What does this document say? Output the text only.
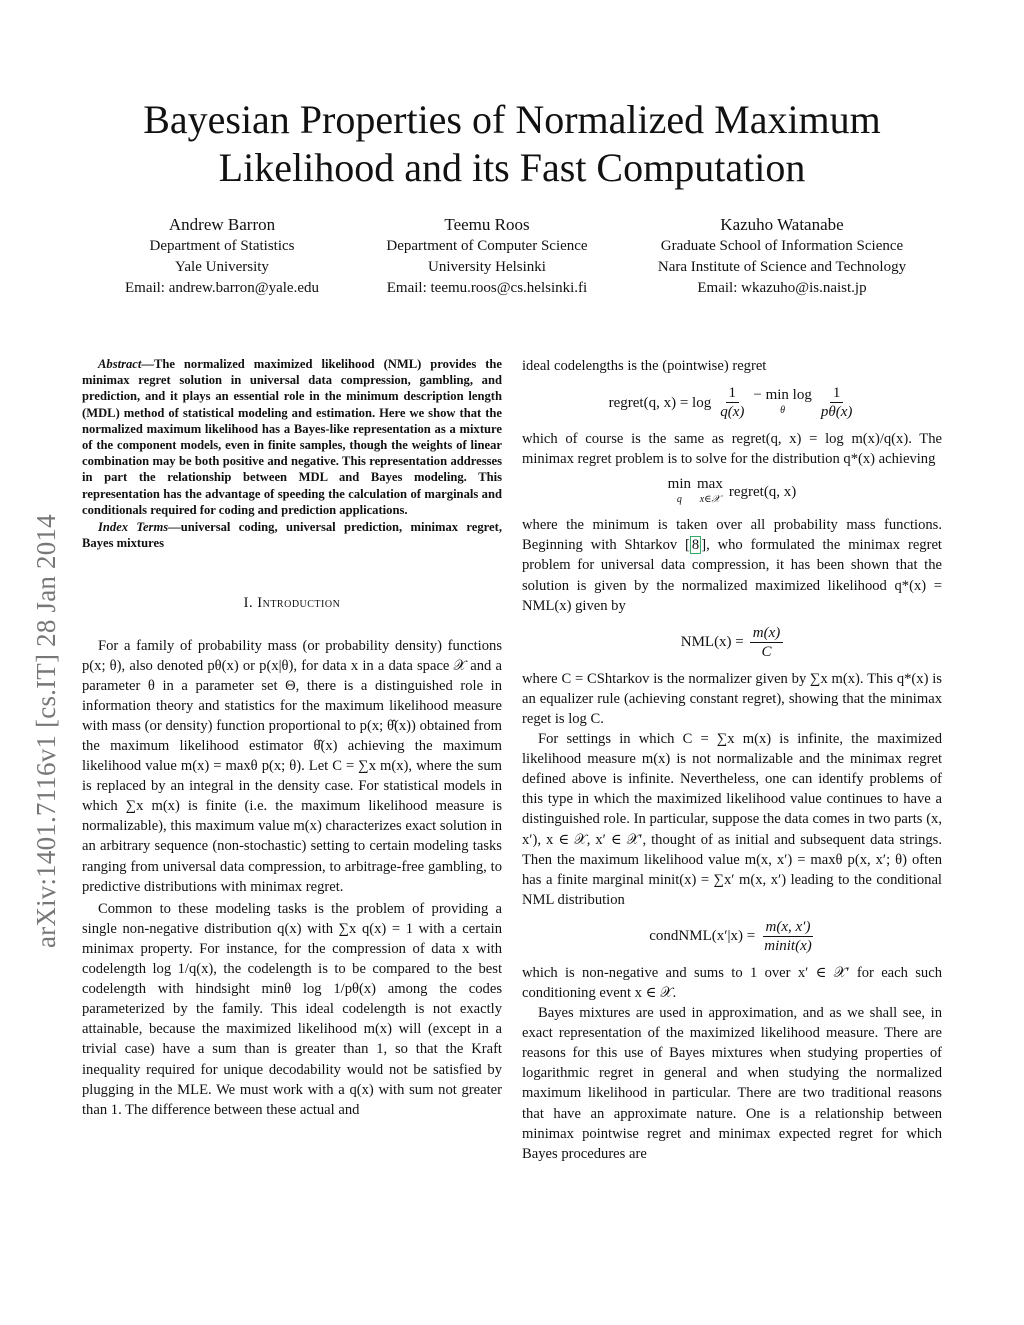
arXiv:1401.7116v1 [cs.IT] 28 Jan 2014
Bayesian Properties of Normalized Maximum
Likelihood and its Fast Computation
Andrew Barron
Department of Statistics
Yale University
Email: andrew.barron@yale.edu
Teemu Roos
Department of Computer Science
University Helsinki
Email: teemu.roos@cs.helsinki.fi
Kazuho Watanabe
Graduate School of Information Science
Nara Institute of Science and Technology
Email: wkazuho@is.naist.jp
Abstract—The normalized maximized likelihood (NML) provides the minimax regret solution in universal data compression, gambling, and prediction, and it plays an essential role in the minimum description length (MDL) method of statistical modeling and estimation. Here we show that the normalized maximum likelihood has a Bayes-like representation as a mixture of the component models, even in finite samples, though the weights of linear combination may be both positive and negative. This representation addresses in part the relationship between MDL and Bayes modeling. This representation has the advantage of speeding the calculation of marginals and conditionals required for coding and prediction applications.
Index Terms—universal coding, universal prediction, minimax regret, Bayes mixtures
I. Introduction

For a family of probability mass (or probability density) functions p(x; θ), also denoted pθ(x) or p(x|θ), for data x in a data space 𝒳 and a parameter θ in a parameter set Θ, there is a distinguished role in information theory and statistics for the maximum likelihood measure with mass (or density) function proportional to p(x; θ̂(x)) obtained from the maximum likelihood estimator θ̂(x) achieving the maximum likelihood value m(x) = maxθ p(x; θ). Let C = ∑x m(x), where the sum is replaced by an integral in the density case. For statistical models in which ∑x m(x) is finite (i.e. the maximum likelihood measure is normalizable), this maximum value m(x) characterizes exact solution in an arbitrary sequence (non-stochastic) setting to certain modeling tasks ranging from universal data compression, to arbitrage-free gambling, to predictive distributions with minimax regret.

Common to these modeling tasks is the problem of providing a single non-negative distribution q(x) with ∑x q(x) = 1 with a certain minimax property. For instance, for the compression of data x with codelength log 1/q(x), the codelength is to be compared to the best codelength with hindsight minθ log 1/pθ(x) among the codes parameterized by the family. This ideal codelength is not exactly attainable, because the maximized likelihood m(x) will (except in a trivial case) have a sum than is greater than 1, so that the Kraft inequality required for unique decodability would not be satisfied by plugging in the MLE. We must work with a q(x) with sum not greater than 1. The difference between these actual and

ideal codelengths is the (pointwise) regret

regret(q, $x) = \log \frac{1}{q(x)} - \min \log$
θ $\frac{1}{p\theta(x)}$

which of course is the same as regret(q, x) = log m(x)/q(x). The minimax regret problem is to solve for the distribution q*(x) achieving

min
q
max
x∈𝒳 regret(q, x)

where the minimum is taken over all probability mass functions. Beginning with Shtarkov [ 8 ], who formulated the minimax regret problem for universal data compression, it has been shown that the solution is given by the normalized maximized likelihood q*(x) = NML(x) given by

$NML(x) = \frac{m(x)}{C}$

where C = CShtarkov is the normalizer given by ∑x m(x). This q*(x) is an equalizer rule (achieving constant regret), showing that the minimax reget is log C.

For settings in which C = ∑x m(x) is infinite, the maximized likelihood measure m(x) is not normalizable and the minimax regret defined above is infinite. Nevertheless, one can identify problems of this type in which the maximized likelihood value continues to have a distinguished role. In particular, suppose the data comes in two parts (x, x′), x ∈ 𝒳, x′ ∈ 𝒳′, thought of as initial and subsequent data strings. Then the maximum likelihood value m(x, x′) = maxθ p(x, x′; θ) often has a finite marginal minit(x) = ∑x′ m(x, x′) leading to the conditional NML distribution

condNML(x′|x) = $\frac{m(x, x')}{\text{minit(x)}}$

which is non-negative and sums to 1 over x′ ∈ 𝒳′ for each such conditioning event x ∈ 𝒳.

Bayes mixtures are used in approximation, and as we shall see, in exact representation of the maximized likelihood measure. There are reasons for this use of Bayes mixtures when studying properties of logarithmic regret in general and when studying the normalized maximum likelihood in particular. There are two traditional reasons that have an approximate nature. One is a relationship between minimax pointwise regret and minimax expected regret for which Bayes procedures are
